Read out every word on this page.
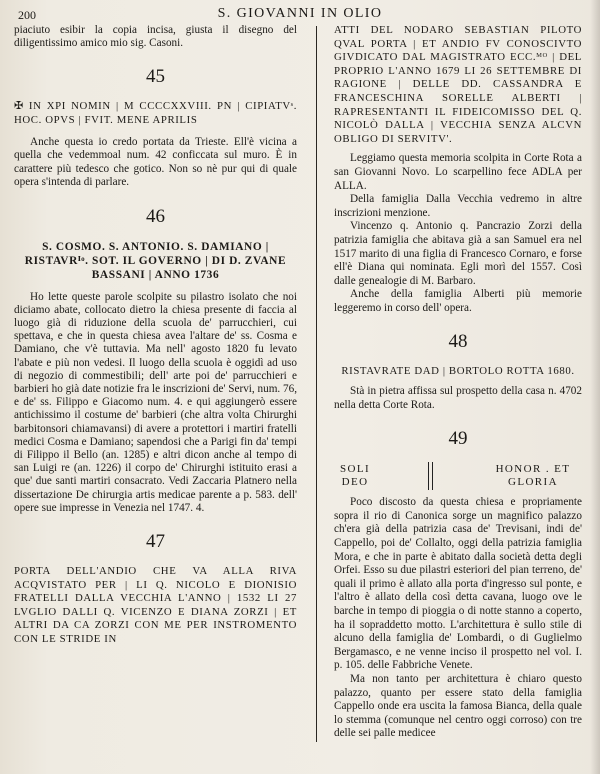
200	S. GIOVANNI IN OLIO

piaciuto esibir la copia incisa, giusta il disegno del diligentissimo amico mio sig. Casoni.

45

✠ IN XPI NOMIN | M CCCCXXVIII. PN | CIPIATVˢ. HOC. OPVS | FVIT. MENE APRILIS

Anche questa io credo portata da Trieste. Ell'è vicina a quella che vedemmoal num. 42 conficcata sul muro. È in carattere più tedesco che gotico. Non so nè pur qui di quale opera s'intenda di parlare.

46

S. COSMO. S. ANTONIO. S. DAMIANO | RISTAVRᴵᵒ. SOT. IL GOVERNO | DI D. ZVANE BASSANI | ANNO 1736

Ho lette queste parole scolpite su pilastro isolato che noi diciamo abate, collocato dietro la chiesa presente di faccia al luogo già di riduzione della scuola de' parrucchieri, cui spettava, e che in questa chiesa avea l'altare de' ss. Cosma e Damiano, che v'è tuttavia. Ma nell' agosto 1820 fu levato l'abate e più non vedesi. Il luogo della scuola è oggidì ad uso di negozio di commestibili; dell' arte poi de' parrucchieri e barbieri ho già date notizie fra le inscrizioni de' Servi, num. 76, e de' ss. Filippo e Giacomo num. 4. e qui aggiungerò essere antichissimo il costume de' barbieri (che altra volta Chirurghi barbitonsori chiamavansi) di avere a protettori i martiri fratelli medici Cosma e Damiano; sapendosi che a Parigi fin da' tempi di Filippo il Bello (an. 1285) e altri dicon anche al tempo di san Luigi re (an. 1226) il corpo de' Chirurghi istituito erasi a que' due santi martiri consacrato. Vedi Zaccaria Platnero nella dissertazione De chirurgia artis medicae parente a p. 583. dell' opere sue impresse in Venezia nel 1747. 4.

47

PORTA DELL'ANDIO CHE VA ALLA RIVA ACQVISTATO PER | LI Q. NICOLO E DIONISIO FRATELLI DALLA VECCHIA L'ANNO | 1532 LI 27 LVGLIO DALLI Q. VICENZO E DIANA ZORZI | ET ALTRI DA CA ZORZI CON ME PER INSTROMENTO CON LE STRIDE IN

ATTI DEL NODARO SEBASTIAN PILOTO QVAL PORTA | ET ANDIO FV CONOSCIVTO GIVDICATO DAL MAGISTRATO ECC.ᴹᴼ | DEL PROPRIO L'ANNO 1679 LI 26 SETTEMBRE DI RAGIONE | DELLE DD. CASSANDRA E FRANCESCHINA SORELLE ALBERTI | RAPRESENTANTI IL FIDEICOMISSO DEL Q. NICOLÒ DALLA | VECCHIA SENZA ALCVN OBLIGO DI SERVITV'.

Leggiamo questa memoria scolpita in Corte Rota a san Giovanni Novo. Lo scarpellino fece ADLA per ALLA.

Della famiglia Dalla Vecchia vedremo in altre inscrizioni menzione.

Vincenzo q. Antonio q. Pancrazio Zorzi della patrizia famiglia che abitava già a san Samuel era nel 1517 marito di una figlia di Francesco Cornaro, e forse ell'è Diana qui nominata. Egli morì del 1557. Così dalle genealogie di M. Barbaro.

Anche della famiglia Alberti più memorie leggeremo in corso dell' opera.

48

RISTAVRATE DAD | BORTOLO ROTTA 1680.

Stà in pietra affissa sul prospetto della casa n. 4702 nella detta Corte Rota.

49
SOLI
DEO
HONOR . ET
GLORIA

Poco discosto da questa chiesa e propriamente sopra il rio di Canonica sorge un magnifico palazzo ch'era già della patrizia casa de' Trevisani, indi de' Cappello, poi de' Collalto, oggi della patrizia famiglia Mora, e che in parte è abitato dalla società detta degli Orfei. Esso su due pilastri esteriori del pian terreno, de' quali il primo è allato alla porta d'ingresso sul ponte, e l'altro è allato della così detta cavana, luogo ove le barche in tempo di pioggia o di notte stanno a coperto, ha il sopraddetto motto. L'architettura è sullo stile di alcuno della famiglia de' Lombardi, o di Guglielmo Bergamasco, e ne venne inciso il prospetto nel vol. I. p. 105. delle Fabbriche Venete.

Ma non tanto per architettura è chiaro questo palazzo, quanto per essere stato della famiglia Cappello onde era uscita la famosa Bianca, della quale lo stemma (comunque nel centro oggi corroso) con tre delle sei palle medicee
